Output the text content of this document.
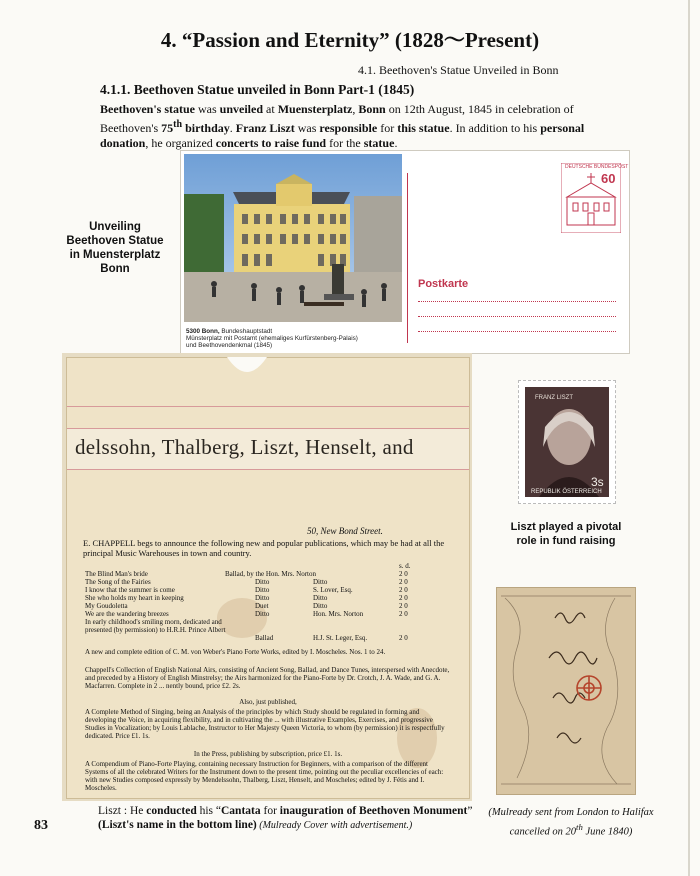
4. “Passion and Eternity” (1828～Present)
4.1. Beethoven's Statue Unveiled in Bonn
4.1.1. Beethoven Statue unveiled in Bonn Part-1 (1845)
Beethoven's statue was unveiled at Muensterplatz, Bonn on 12th August, 1845 in celebration of Beethoven's 75th birthday. Franz Liszt was responsible for this statue. In addition to his personal donation, he organized concerts to raise fund for the statue.
Unveiling Beethoven Statue in Muensterplatz Bonn
5300 Bonn, Bundeshauptstadt
Münsterplatz mit Postamt (ehemaliges Kurfürstenberg-Palais)
und Beethovendenkmal (1845)
DEUTSCHE BUNDESPOST
60
Postkarte
delssohn, Thalberg, Liszt, Henselt, and
50, New Bond Street.
E. CHAPPELL begs to announce the following new and popular publications, which may be had at all the principal Music Warehouses in town and country.
s. d.
The Blind Man's bride	Ballad, by the Hon. Mrs. Norton	2 0
The Song of the Fairies	Ditto	Ditto	2 0
I know that the summer is come	Ditto	S. Lover, Esq.	2 0
She who holds my heart in keeping	Ditto	Ditto	2 0
My Goudoletta	Duet	Ditto	2 0
We are the wandering breezes	Ditto	Hon. Mrs. Norton	2 0
In early childhood's smiling morn, dedicated and presented (by permission) to H.R.H. Prince Albert
Ballad	H.J. St. Leger, Esq.	2 0
A new and complete edition of C. M. von Weber's Piano Forte Works, edited by I. Moscheles. Nos. 1 to 24.
Chappell's Collection of English National Airs, consisting of Ancient Song, Ballad, and Dance Tunes, interspersed with Anecdote, and preceded by a History of English Minstrelsy; the Airs harmonized for the Piano-Forte by Dr. Crotch, J. A. Wade, and G. A. Macfarren. Complete in 2 ... nently bound, price £2. 2s.
Also, just published,
A Complete Method of Singing, being an Analysis of the principles by which Study should be regulated in forming and developing the Voice, in acquiring flexibility, and in cultivating the ... with illustrative Examples, Exercises, and progressive Studies in Vocalization; by Louis Lablache, Instructor to Her Majesty Queen Victoria, to whom (by permission) it is respectfully dedicated. Price £1. 1s.
In the Press, publishing by subscription, price £1. 1s.
A Compendium of Piano-Forte Playing, containing necessary Instruction for Beginners, with a comparison of the different Systems of all the celebrated Writers for the Instrument down to the present time, pointing out the peculiar excellencies of each: with new Studies composed expressly by Mendelssohn, Thalberg, Liszt, Henselt, and Moscheles; edited by J. Fétis and I. Moscheles.
FRANZ LISZT
3s
REPUBLIK ÖSTERREICH
Liszt played a pivotal role in fund raising
(Mulready sent from London to Halifax cancelled on 20th June 1840)
Liszt : He conducted his “Cantata for inauguration of Beethoven Monument”
(Liszt's name in the bottom line) (Mulready Cover with advertisement.)
83
